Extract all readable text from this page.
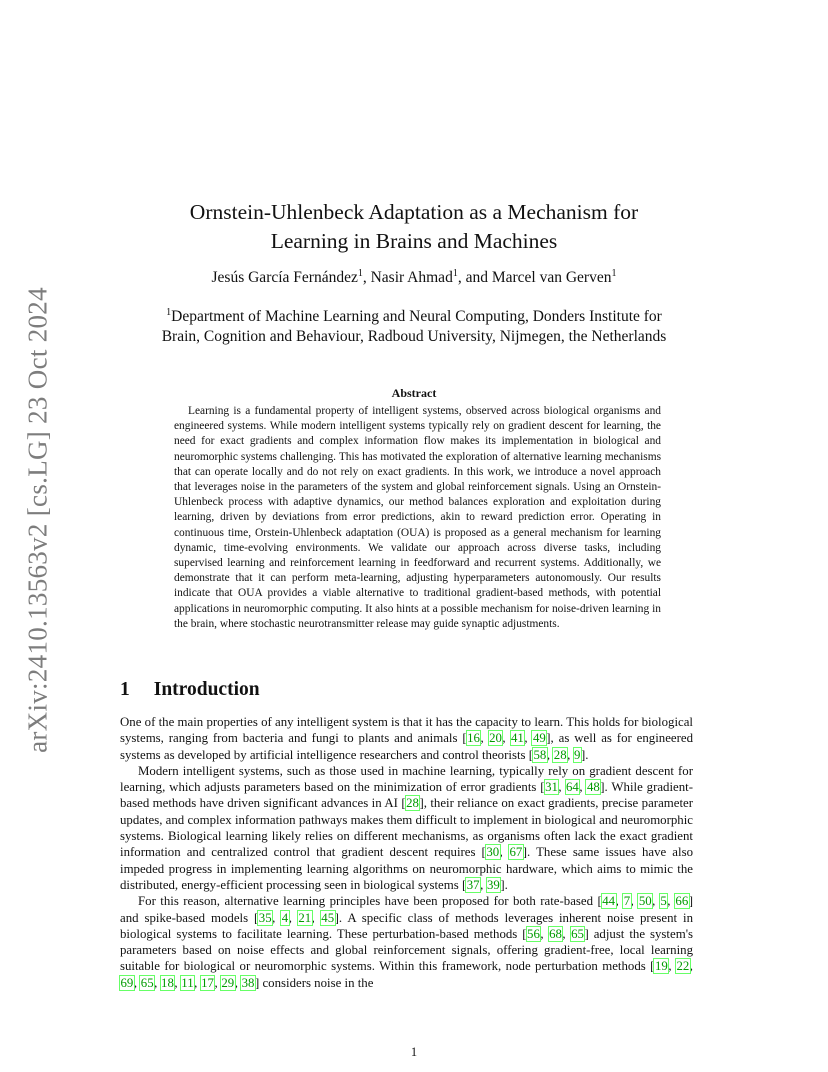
arXiv:2410.13563v2 [cs.LG] 23 Oct 2024
Ornstein-Uhlenbeck Adaptation as a Mechanism for
Learning in Brains and Machines
Jesús García Fernández$^1$, Nasir Ahmad$^1$, and Marcel van Gerven$^1$
$^1$Department of Machine Learning and Neural Computing, Donders Institute for
Brain, Cognition and Behaviour, Radboud University, Nijmegen, the Netherlands
Abstract

Learning is a fundamental property of intelligent systems, observed across biological organisms and engineered systems. While modern intelligent systems typically rely on gradient descent for learning, the need for exact gradients and complex information flow makes its implementation in biological and neuromorphic systems challenging. This has motivated the exploration of alternative learning mechanisms that can operate locally and do not rely on exact gradients. In this work, we introduce a novel approach that leverages noise in the parameters of the system and global reinforcement signals. Using an Ornstein-Uhlenbeck process with adaptive dynamics, our method balances exploration and exploitation during learning, driven by deviations from error predictions, akin to reward prediction error. Operating in continuous time, Orstein-Uhlenbeck adaptation (OUA) is proposed as a general mechanism for learning dynamic, time-evolving environments. We validate our approach across diverse tasks, including supervised learning and reinforcement learning in feedforward and recurrent systems. Additionally, we demonstrate that it can perform meta-learning, adjusting hyperparameters autonomously. Our results indicate that OUA provides a viable alternative to traditional gradient-based methods, with potential applications in neuromorphic computing. It also hints at a possible mechanism for noise-driven learning in the brain, where stochastic neurotransmitter release may guide synaptic adjustments.

1 Introduction

One of the main properties of any intelligent system is that it has the capacity to learn. This holds for biological systems, ranging from bacteria and fungi to plants and animals [16, 20, 41, 49], as well as for engineered systems as developed by artificial intelligence researchers and control theorists [58, 28, 9].

Modern intelligent systems, such as those used in machine learning, typically rely on gradient descent for learning, which adjusts parameters based on the minimization of error gradients [31, 64, 48]. While gradient-based methods have driven significant advances in AI [28], their reliance on exact gradients, precise parameter updates, and complex information pathways makes them difficult to implement in biological and neuromorphic systems. Biological learning likely relies on different mechanisms, as organisms often lack the exact gradient information and centralized control that gradient descent requires [30, 67]. These same issues have also impeded progress in implementing learning algorithms on neuromorphic hardware, which aims to mimic the distributed, energy-efficient processing seen in biological systems [37, 39].

For this reason, alternative learning principles have been proposed for both rate-based [44, 7, 50, 5, 66] and spike-based models [35, 4, 21, 45]. A specific class of methods leverages inherent noise present in biological systems to facilitate learning. These perturbation-based methods [56, 68, 65] adjust the system's parameters based on noise effects and global reinforcement signals, offering gradient-free, local learning suitable for biological or neuromorphic systems. Within this framework, node perturbation methods [19, 22, 69, 65, 18, 11, 17, 29, 38] considers noise in the

1
